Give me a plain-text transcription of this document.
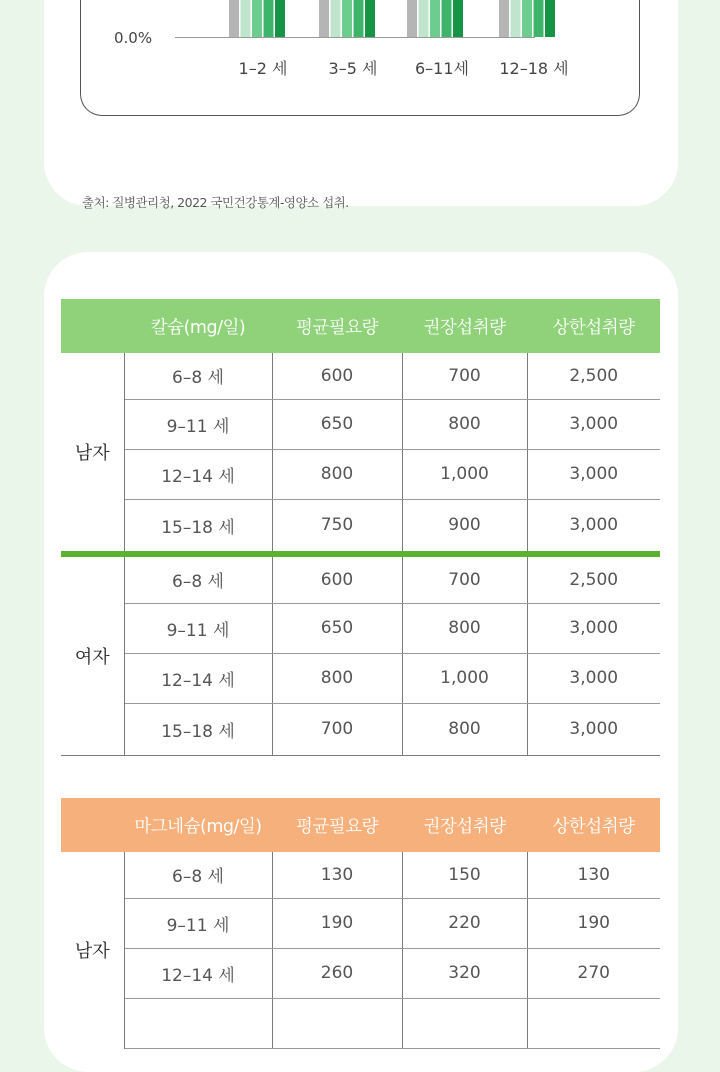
0.0%
1–2 세	3–5 세 6–11세 12–18 세
출처: 질병관리청, 2022 국민건강통계-영양소 섭취.
	칼슘(mg/일)	평균필요량	권장섭취량	상한섭취량
남자	6–8 세	600	700	2,500
	9–11 세	650	800	3,000
	12–14 세	800	1,000	3,000
	15–18 세	750	900	3,000

여자	6–8 세	600	700	2,500
	9–11 세	650	800	3,000
	12–14 세	800	1,000	3,000
	15–18 세	700	800	3,000
	마그네슘(mg/일)	평균필요량	권장섭취량	상한섭취량
남자	6–8 세	130	150	130
	9–11 세	190	220	190
	12–14 세	260	320	270
